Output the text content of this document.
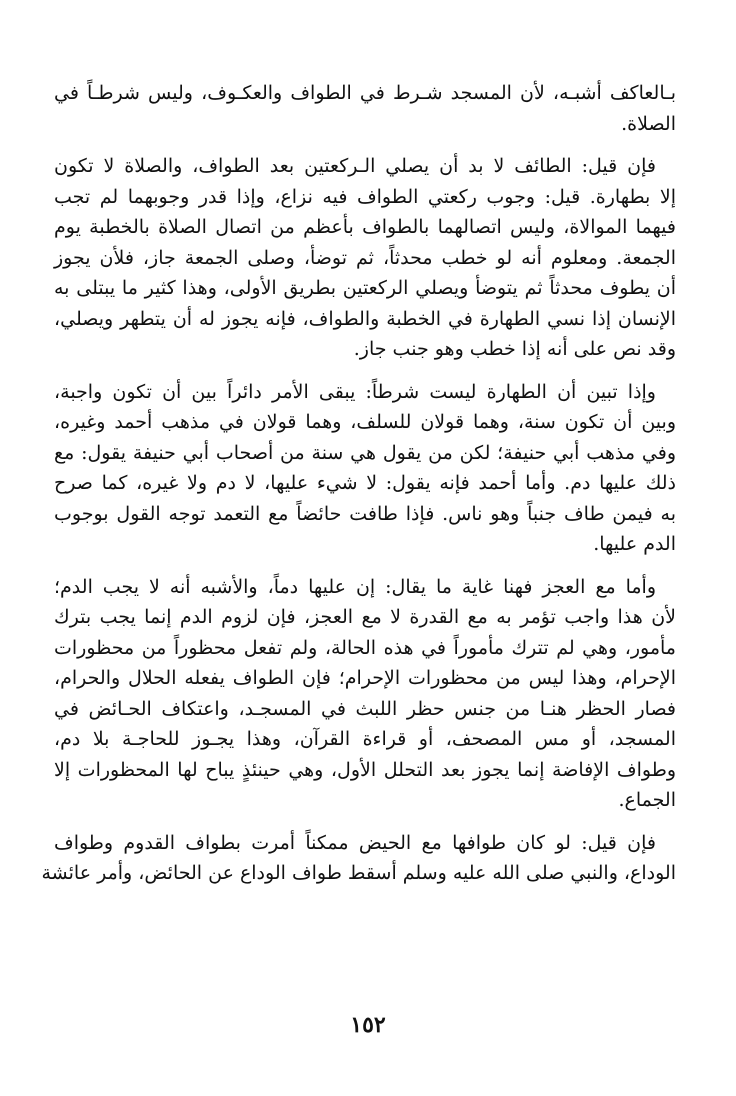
بـالعاكف أشبـه، لأن المسجد شـرط في الطواف والعكـوف، وليس شرطـاً في
الصلاة.
فإن قيل: الطائف لا بد أن يصلي الـركعتين بعد الطواف، والصلاة لا تكون
إلا بطهارة. قيل: وجوب ركعتي الطواف فيه نزاع، وإذا قدر وجوبهما لم تجب
فيهما الموالاة، وليس اتصالهما بالطواف بأعظم من اتصال الصلاة بالخطبة يوم
الجمعة. ومعلوم أنه لو خطب محدثاً، ثم توضأ، وصلى الجمعة جاز، فلأن يجوز
أن يطوف محدثاً ثم يتوضأ ويصلي الركعتين بطريق الأولى، وهذا كثير ما يبتلى به
الإنسان إذا نسي الطهارة في الخطبة والطواف، فإنه يجوز له أن يتطهر ويصلي،
وقد نص على أنه إذا خطب وهو جنب جاز.
وإذا تبين أن الطهارة ليست شرطاً: يبقى الأمر دائراً بين أن تكون واجبة،
وبين أن تكون سنة، وهما قولان للسلف، وهما قولان في مذهب أحمد وغيره،
وفي مذهب أبي حنيفة؛ لكن من يقول هي سنة من أصحاب أبي حنيفة يقول: مع
ذلك عليها دم. وأما أحمد فإنه يقول: لا شيء عليها، لا دم ولا غيره، كما صرح
به فيمن طاف جنباً وهو ناس. فإذا طافت حائضاً مع التعمد توجه القول بوجوب
الدم عليها.
وأما مع العجز فهنا غاية ما يقال: إن عليها دماً، والأشبه أنه لا يجب الدم؛
لأن هذا واجب تؤمر به مع القدرة لا مع العجز، فإن لزوم الدم إنما يجب بترك
مأمور، وهي لم تترك مأموراً في هذه الحالة، ولم تفعل محظوراً من محظورات
الإحرام، وهذا ليس من محظورات الإحرام؛ فإن الطواف يفعله الحلال والحرام،
فصار الحظر هنـا من جنس حظر اللبث في المسجـد، واعتكاف الحـائض في
المسجد، أو مس المصحف، أو قراءة القرآن، وهذا يجـوز للحاجـة بلا دم،
وطواف الإفاضة إنما يجوز بعد التحلل الأول، وهي حينئذٍ يباح لها المحظورات إلا
الجماع.
فإن قيل: لو كان طوافها مع الحيض ممكناً أمرت بطواف القدوم وطواف
الوداع، والنبي صلى الله عليه وسلم أسقط طواف الوداع عن الحائض، وأمر عائشة
١٥٢
